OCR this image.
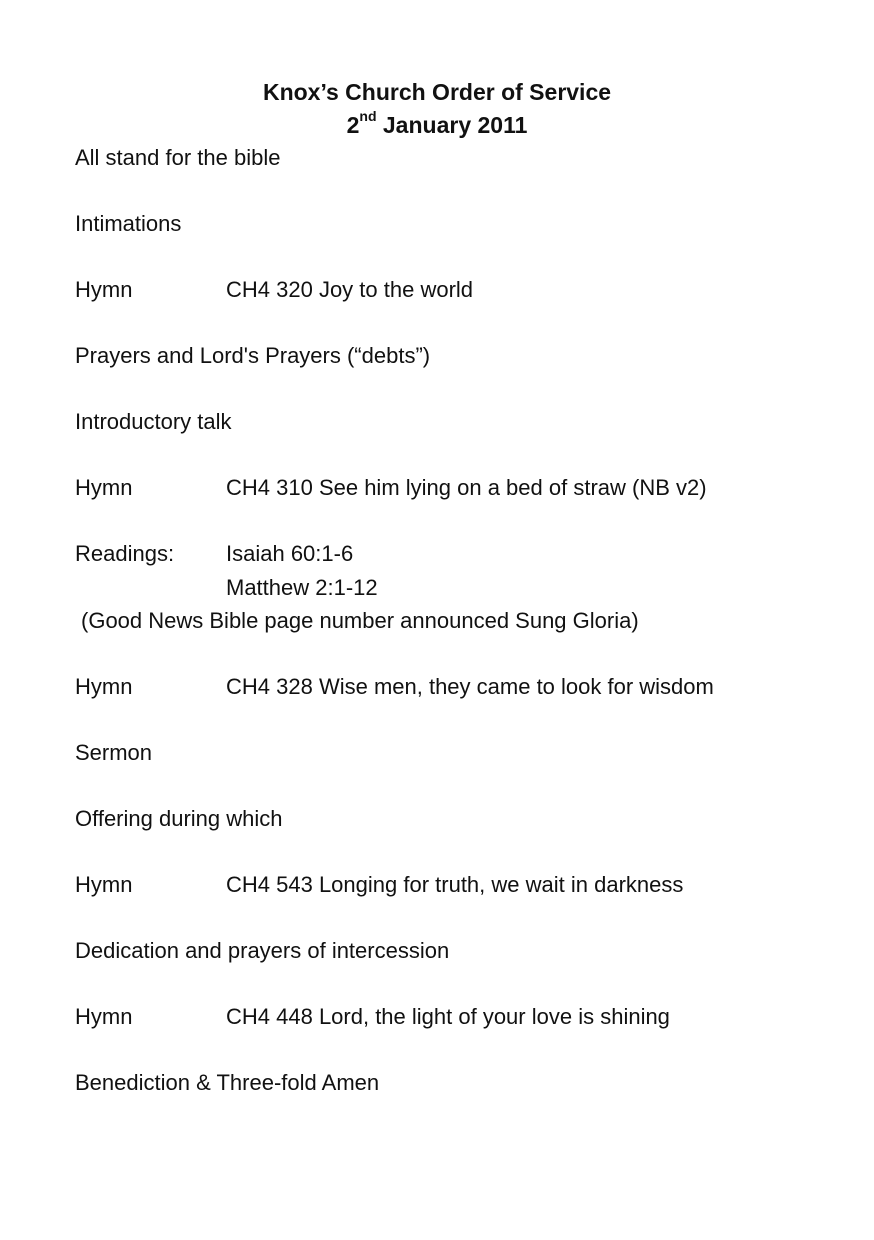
Knox’s Church Order of Service
2nd January 2011
All stand for the bible
Intimations
Hymn	CH4 320 Joy to the world
Prayers and Lord's Prayers (“debts”)
Introductory talk
Hymn	CH4 310 See him lying on a bed of straw (NB v2)
Readings: Isaiah 60:1-6
Matthew 2:1-12
(Good News Bible page number announced Sung Gloria)
Hymn	CH4 328 Wise men, they came to look for wisdom
Sermon
Offering during which
Hymn	CH4 543 Longing for truth, we wait in darkness
Dedication and prayers of intercession
Hymn	CH4 448 Lord, the light of your love is shining
Benediction & Three-fold Amen
